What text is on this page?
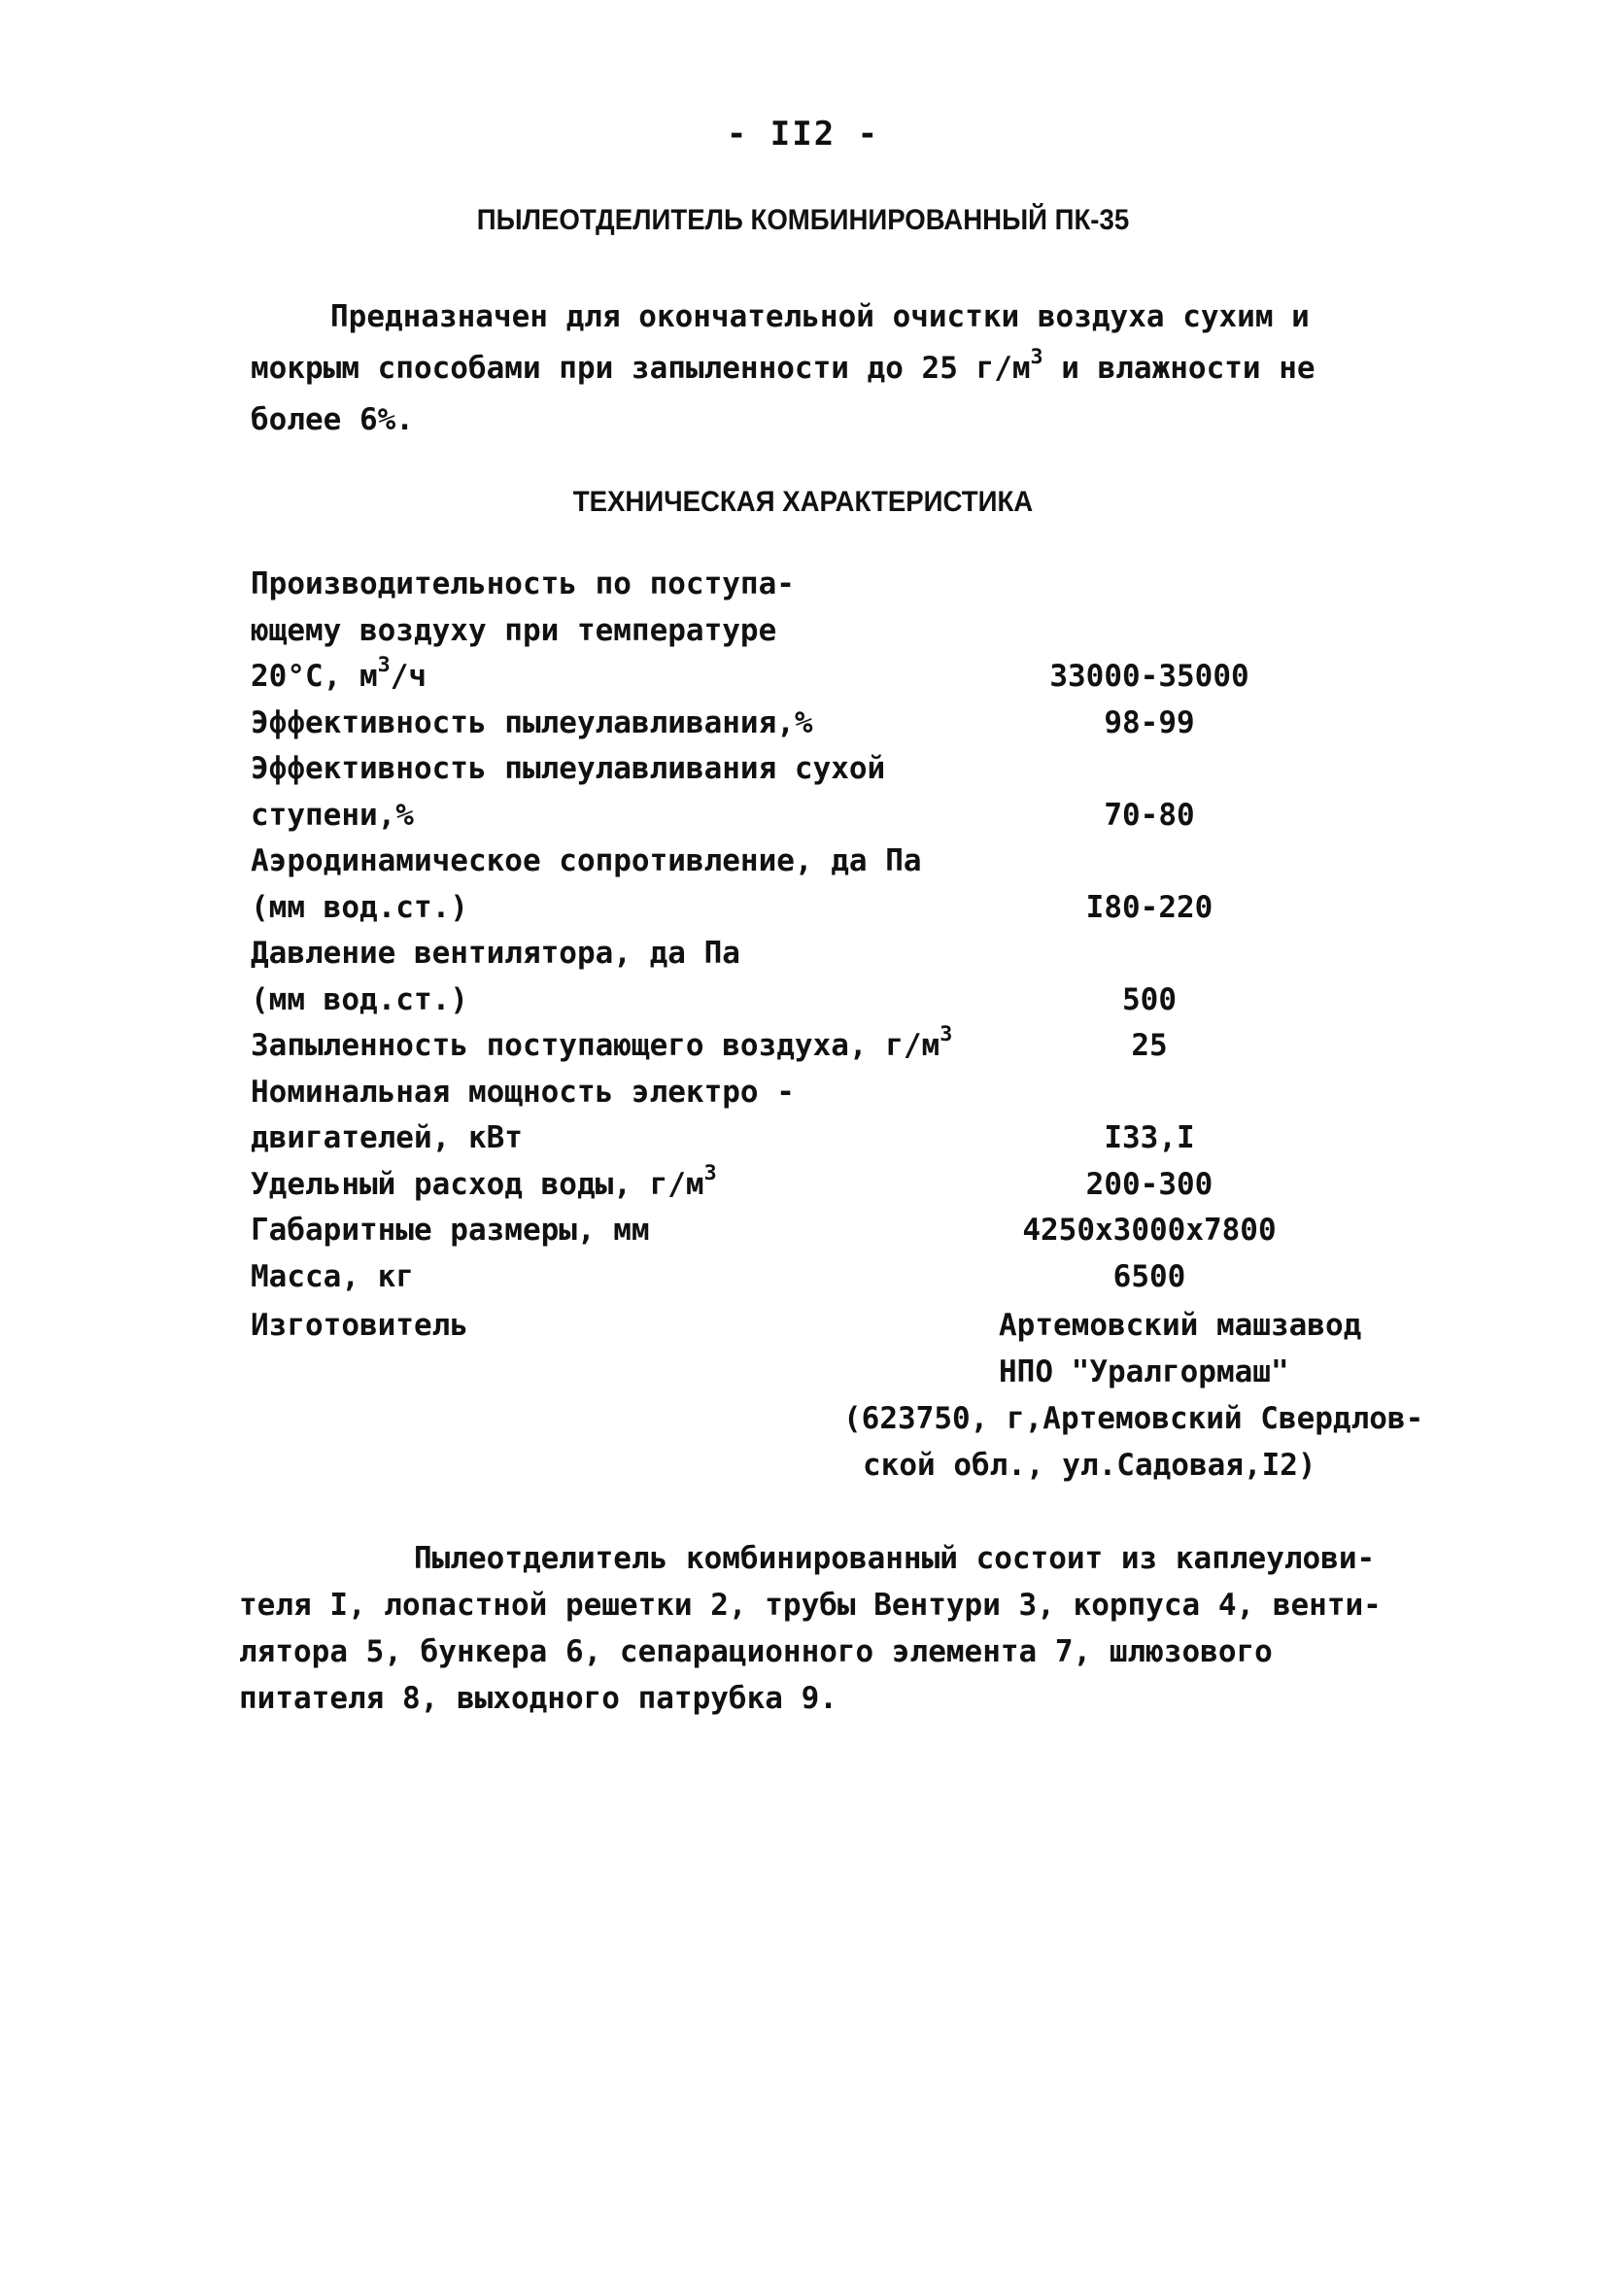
- II2 -
ПЫЛЕОТДЕЛИТЕЛЬ КОМБИНИРОВАННЫЙ ПК-35

Предназначен для окончательной очистки воздуха сухим и

мокрым способами при запыленности до 25 $г/м^3$ и влажности не
более 6%.
ТЕХНИЧЕСКАЯ ХАРАКТЕРИСТИКА
Производительность по поступа-
ющему воздуху при температуре
20°С, $м^3/ч$	33000-35000
Эффективность пылеулавливания,%	98-99
Эффективность пылеулавливания сухой
ступени,%	70-80
Аэродинамическое сопротивление, да Па
(мм вод.ст.)	I80-220
Давление вентилятора, да Па
(мм вод.ст.)	500
Запыленность поступающего воздуха, $г/м^3$	25
Номинальная мощность электро -
двигателей, кВт	I33,I
Удельный расход воды, $г/м^3$	200-300
Габаритные размеры, мм	4250x3000x7800
Масса, кг	6500
Изготовитель	Артемовский машзавод
НПО "Уралгормаш"
(623750, г,Артемовский Свердлов-
ской обл., ул.Садовая,I2)
Пылеотделитель комбинированный состоит из каплеулови-
теля I, лопастной решетки 2, трубы Вентури 3, корпуса 4, венти-
лятора 5, бункера 6, сепарационного элемента 7, шлюзового
питателя 8, выходного патрубка 9.
